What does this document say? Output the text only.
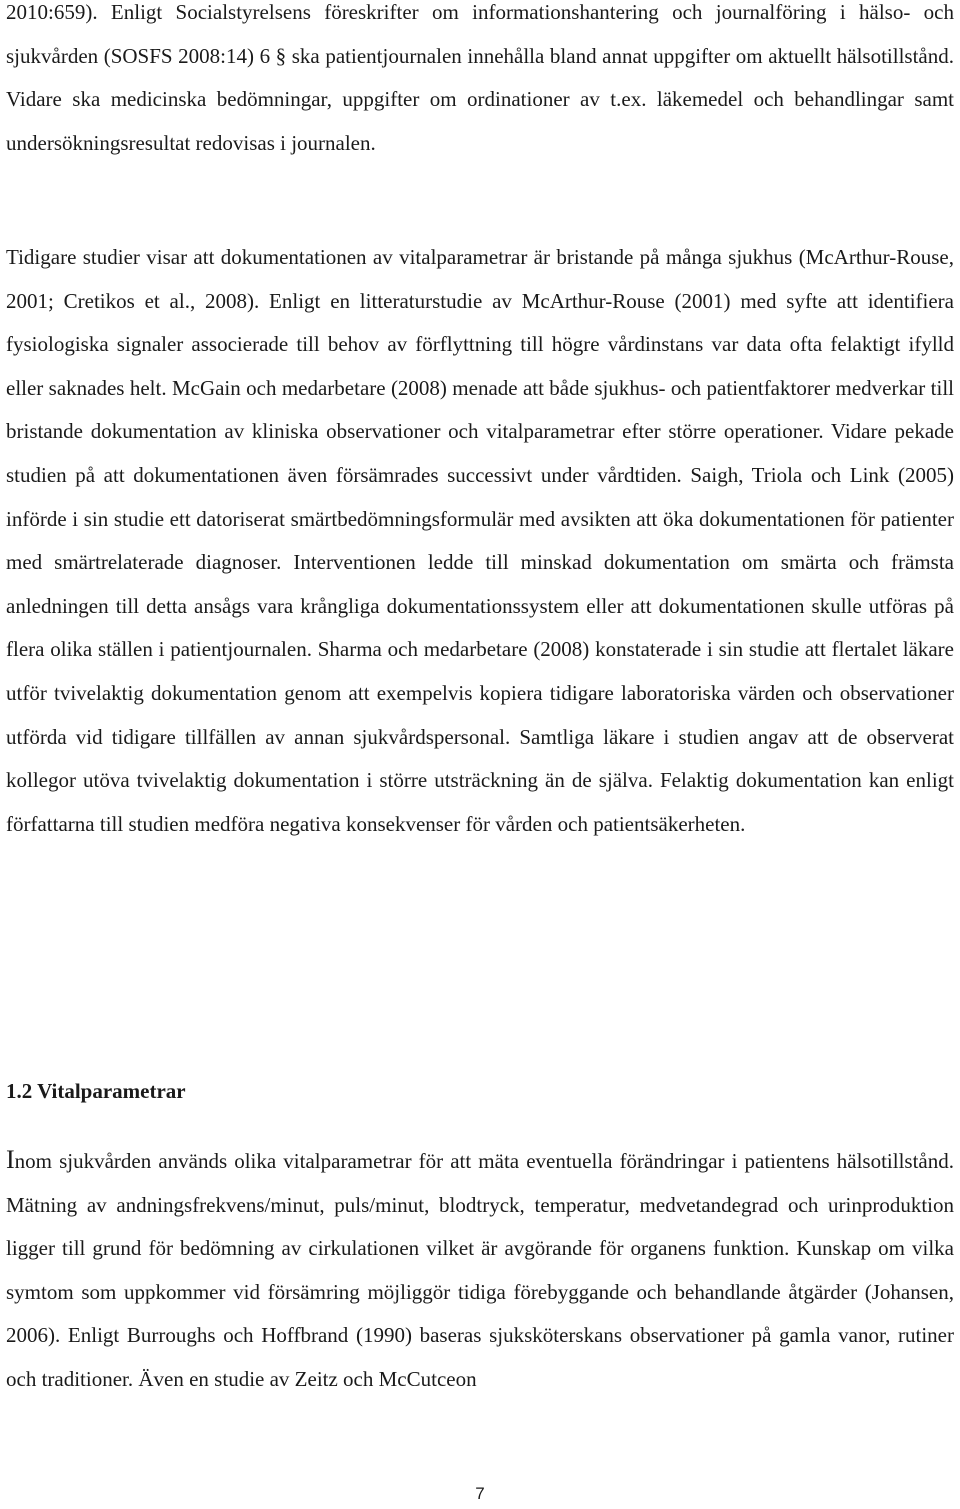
2010:659). Enligt Socialstyrelsens föreskrifter om informationshantering och journalföring i hälso- och sjukvården (SOSFS 2008:14) 6 § ska patientjournalen innehålla bland annat uppgifter om aktuellt hälsotillstånd. Vidare ska medicinska bedömningar, uppgifter om ordinationer av t.ex. läkemedel och behandlingar samt undersökningsresultat redovisas i journalen.

Tidigare studier visar att dokumentationen av vitalparametrar är bristande på många sjukhus (McArthur-Rouse, 2001; Cretikos et al., 2008). Enligt en litteraturstudie av McArthur-Rouse (2001) med syfte att identifiera fysiologiska signaler associerade till behov av förflyttning till högre vårdinstans var data ofta felaktigt ifylld eller saknades helt. McGain och medarbetare (2008) menade att både sjukhus- och patientfaktorer medverkar till bristande dokumentation av kliniska observationer och vitalparametrar efter större operationer. Vidare pekade studien på att dokumentationen även försämrades successivt under vårdtiden. Saigh, Triola och Link (2005) införde i sin studie ett datoriserat smärtbedömningsformulär med avsikten att öka dokumentationen för patienter med smärtrelaterade diagnoser. Interventionen ledde till minskad dokumentation om smärta och främsta anledningen till detta ansågs vara krångliga dokumentationssystem eller att dokumentationen skulle utföras på flera olika ställen i patientjournalen. Sharma och medarbetare (2008) konstaterade i sin studie att flertalet läkare utför tvivelaktig dokumentation genom att exempelvis kopiera tidigare laboratoriska värden och observationer utförda vid tidigare tillfällen av annan sjukvårdspersonal. Samtliga läkare i studien angav att de observerat kollegor utöva tvivelaktig dokumentation i större utsträckning än de själva. Felaktig dokumentation kan enligt författarna till studien medföra negativa konsekvenser för vården och patientsäkerheten.

1.2 Vitalparametrar

Inom sjukvården används olika vitalparametrar för att mäta eventuella förändringar i patientens hälsotillstånd. Mätning av andningsfrekvens/minut, puls/minut, blodtryck, temperatur, medvetandegrad och urinproduktion ligger till grund för bedömning av cirkulationen vilket är avgörande för organens funktion. Kunskap om vilka symtom som uppkommer vid försämring möjliggör tidiga förebyggande och behandlande åtgärder (Johansen, 2006). Enligt Burroughs och Hoffbrand (1990) baseras sjuksköterskans observationer på gamla vanor, rutiner och traditioner. Även en studie av Zeitz och McCutceon

7
